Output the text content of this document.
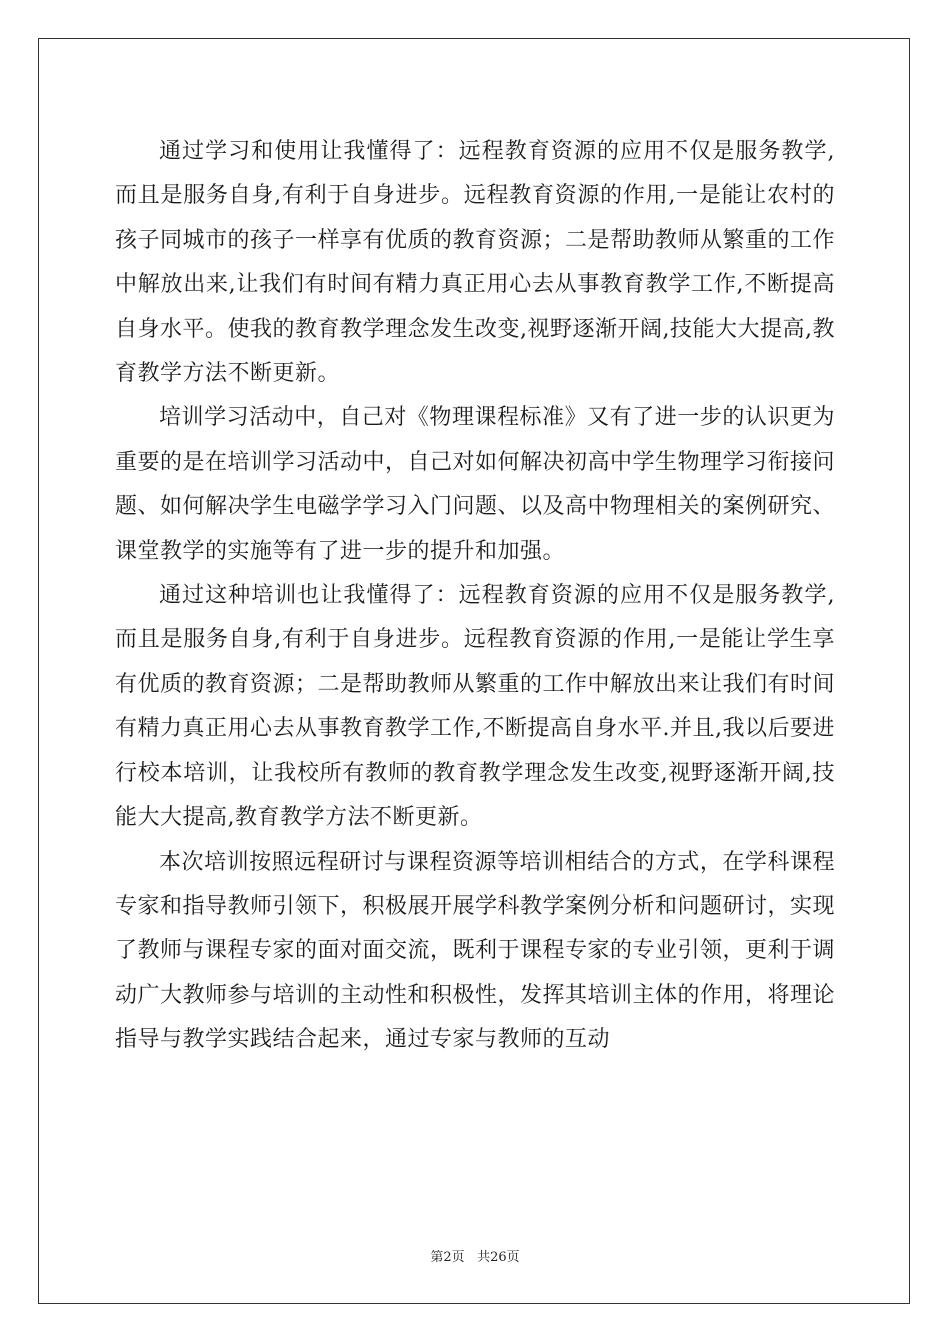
通过学习和使用让我懂得了：远程教育资源的应用不仅是服务教学,而且是服务自身,有利于自身进步。远程教育资源的作用,一是能让农村的孩子同城市的孩子一样享有优质的教育资源；二是帮助教师从繁重的工作中解放出来,让我们有时间有精力真正用心去从事教育教学工作,不断提高自身水平。使我的教育教学理念发生改变,视野逐渐开阔,技能大大提高,教育教学方法不断更新。

培训学习活动中，自己对《物理课程标准》又有了进一步的认识更为重要的是在培训学习活动中，自己对如何解决初高中学生物理学习衔接问题、如何解决学生电磁学学习入门问题、以及高中物理相关的案例研究、课堂教学的实施等有了进一步的提升和加强。

通过这种培训也让我懂得了：远程教育资源的应用不仅是服务教学,而且是服务自身,有利于自身进步。远程教育资源的作用,一是能让学生享有优质的教育资源；二是帮助教师从繁重的工作中解放出来让我们有时间有精力真正用心去从事教育教学工作,不断提高自身水平.并且,我以后要进行校本培训，让我校所有教师的教育教学理念发生改变,视野逐渐开阔,技能大大提高,教育教学方法不断更新。

本次培训按照远程研讨与课程资源等培训相结合的方式，在学科课程专家和指导教师引领下，积极展开展学科教学案例分析和问题研讨，实现了教师与课程专家的面对面交流，既利于课程专家的专业引领，更利于调动广大教师参与培训的主动性和积极性，发挥其培训主体的作用，将理论指导与教学实践结合起来，通过专家与教师的互动

第2页 共26页
